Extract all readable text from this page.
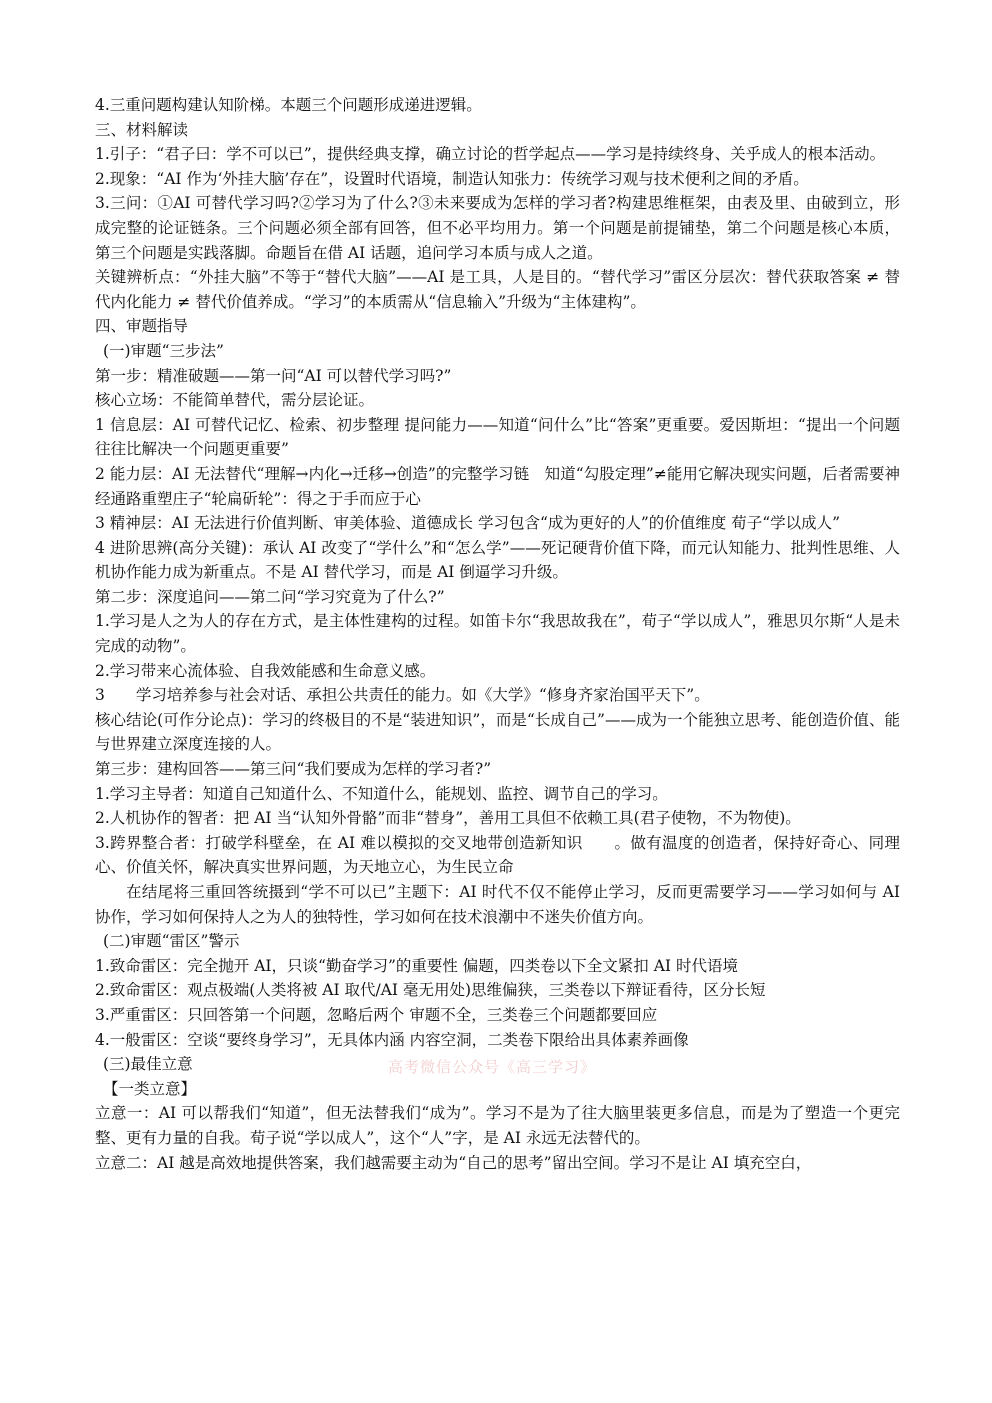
4.三重问题构建认知阶梯。本题三个问题形成递进逻辑。

三、材料解读

1.引子：“君子曰：学不可以已”，提供经典支撑，确立讨论的哲学起点——学习是持续终身、关乎成人的根本活动。

2.现象：“AI 作为‘外挂大脑’存在”，设置时代语境，制造认知张力：传统学习观与技术便利之间的矛盾。

3.三问：①AI 可替代学习吗?②学习为了什么?③未来要成为怎样的学习者?构建思维框架，由表及里、由破到立，形成完整的论证链条。三个问题必须全部有回答，但不必平均用力。第一个问题是前提铺垫，第二个问题是核心本质，第三个问题是实践落脚。命题旨在借 AI 话题，追问学习本质与成人之道。

关键辨析点：“外挂大脑”不等于“替代大脑”——AI 是工具，人是目的。“替代学习”雷区分层次：替代获取答案 ≠ 替代内化能力 ≠ 替代价值养成。“学习”的本质需从“信息输入”升级为“主体建构”。

四、审题指导

(一)审题“三步法”

第一步：精准破题——第一问“AI 可以替代学习吗?”

核心立场：不能简单替代，需分层论证。

1 信息层：AI 可替代记忆、检索、初步整理 提问能力——知道“问什么”比“答案”更重要。爱因斯坦：“提出一个问题往往比解决一个问题更重要”

2 能力层：AI 无法替代“理解→内化→迁移→创造”的完整学习链　知道“勾股定理”≠能用它解决现实问题，后者需要神经通路重塑庄子“轮扁斫轮”：得之于手而应于心

3 精神层：AI 无法进行价值判断、审美体验、道德成长 学习包含“成为更好的人”的价值维度 荀子“学以成人”

4 进阶思辨(高分关键)：承认 AI 改变了“学什么”和“怎么学”——死记硬背价值下降，而元认知能力、批判性思维、人机协作能力成为新重点。不是 AI 替代学习，而是 AI 倒逼学习升级。

第二步：深度追问——第二问“学习究竟为了什么?”

1.学习是人之为人的存在方式，是主体性建构的过程。如笛卡尔“我思故我在”，荀子“学以成人”，雅思贝尔斯“人是未完成的动物”。

2.学习带来心流体验、自我效能感和生命意义感。

3　　学习培养参与社会对话、承担公共责任的能力。如《大学》“修身齐家治国平天下”。

核心结论(可作分论点)：学习的终极目的不是“装进知识”，而是“长成自己”——成为一个能独立思考、能创造价值、能与世界建立深度连接的人。

第三步：建构回答——第三问“我们要成为怎样的学习者?”

1.学习主导者：知道自己知道什么、不知道什么，能规划、监控、调节自己的学习。

2.人机协作的智者：把 AI 当“认知外骨骼”而非“替身”，善用工具但不依赖工具(君子使物，不为物使)。

3.跨界整合者：打破学科壁垒，在 AI 难以模拟的交叉地带创造新知识　　。做有温度的创造者，保持好奇心、同理心、价值关怀，解决真实世界问题，为天地立心，为生民立命

在结尾将三重回答统摄到“学不可以已”主题下：AI 时代不仅不能停止学习，反而更需要学习——学习如何与 AI 协作，学习如何保持人之为人的独特性，学习如何在技术浪潮中不迷失价值方向。

(二)审题“雷区”警示

1.致命雷区：完全抛开 AI，只谈“勤奋学习”的重要性 偏题，四类卷以下全文紧扣 AI 时代语境

2.致命雷区：观点极端(人类将被 AI 取代/AI 毫无用处)思维偏狭，三类卷以下辩证看待，区分长短

3.严重雷区：只回答第一个问题，忽略后两个 审题不全，三类卷三个问题都要回应

4.一般雷区：空谈“要终身学习”，无具体内涵 内容空洞，二类卷下限给出具体素养画像

(三)最佳立意

【一类立意】

立意一：AI 可以帮我们“知道”，但无法替我们“成为”。学习不是为了往大脑里装更多信息，而是为了塑造一个更完整、更有力量的自我。荀子说“学以成人”，这个“人”字，是 AI 永远无法替代的。

立意二：AI 越是高效地提供答案，我们越需要主动为“自己的思考”留出空间。学习不是让 AI 填充空白，

高考微信公众号《高三学习》
